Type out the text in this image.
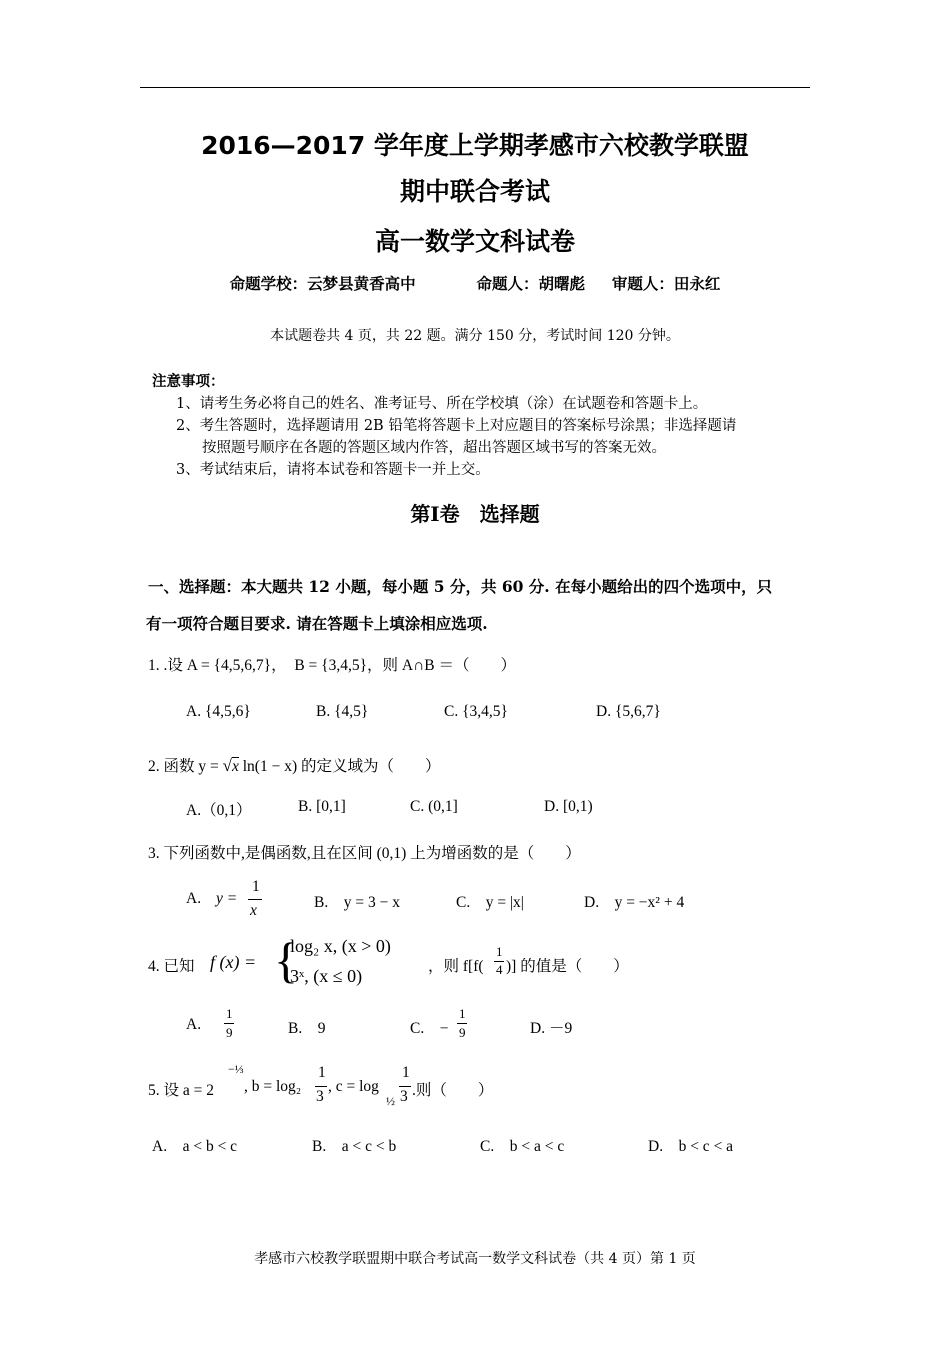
2016—2017 学年度上学期孝感市六校教学联盟
期中联合考试
高一数学文科试卷
命题学校：云梦县黄香高中	命题人：胡曙彪 审题人：田永红
本试题卷共 4 页，共 22 题。满分 150 分，考试时间 120 分钟。
注意事项：
1、请考生务必将自己的姓名、准考证号、所在学校填（涂）在试题卷和答题卡上。
2、考生答题时，选择题请用 2B 铅笔将答题卡上对应题目的答案标号涂黑；非选择题请
按照题号顺序在各题的答题区域内作答，超出答题区域书写的答案无效。
3、考试结束后，请将本试卷和答题卡一并上交。
第Ⅰ卷　选择题
一、选择题：本大题共 12 小题，每小题 5 分，共 60 分. 在每小题给出的四个选项中，只
有一项符合题目要求. 请在答题卡上填涂相应选项.
1. .设 A = {4,5,6,7}，　B = {3,4,5}，则 A∩B ＝（　　）
A. {4,5,6}	B. {4,5}	C. {3,4,5}	D. {5,6,7}
2. 函数 y = √x ln(1 − x) 的定义域为（　　）
A.（0,1）	B. [0,1]	C. (0,1]	D. [0,1)
3. 下列函数中,是偶函数,且在区间 (0,1) 上为增函数的是（　　）
A. y =
1
x	B.　y = 3 − x	C.　y = |x|	D.　y = −x² + 4
4. 已知 f (x) = {
log₂ x, (x > 0)
3ˣ, (x ≤ 0)	，则 f[f(
1
4 )] 的值是（　　）
A.
1
9	B.　9	C.　−
1
9	D. －9
5. 设 a = 2
−⅓
, b = log₂
1
3
, c = log
½
1
3 .则（　　）
A.　a < b < c	B.　a < c < b	C.　b < a < c	D.　b < c < a
孝感市六校教学联盟期中联合考试高一数学文科试卷（共 4 页）第 1 页
